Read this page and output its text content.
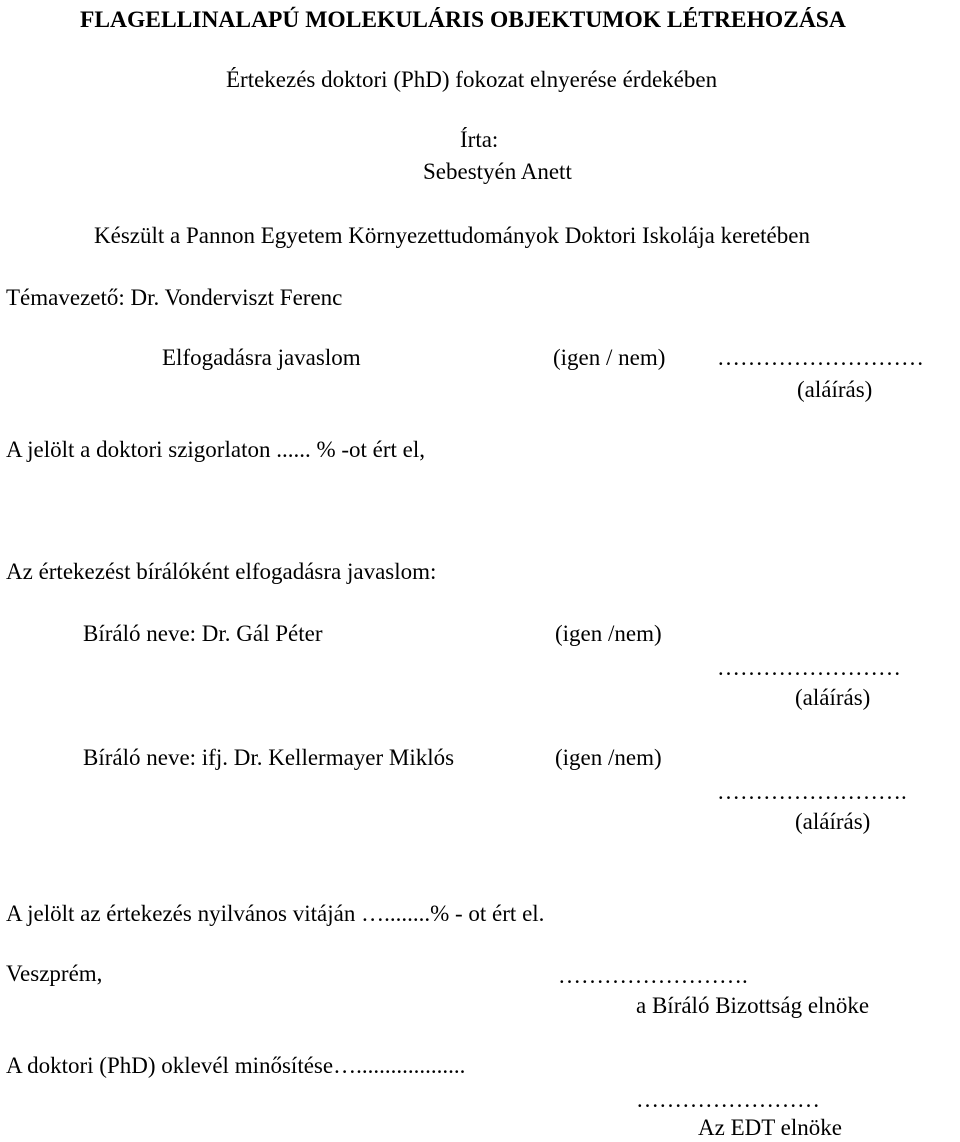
FLAGELLINALAPÚ MOLEKULÁRIS OBJEKTUMOK LÉTREHOZÁSA
Értekezés doktori (PhD) fokozat elnyerése érdekében
Írta:
Sebestyén Anett
Készült a Pannon Egyetem Környezettudományok Doktori Iskolája keretében
Témavezető: Dr. Vonderviszt Ferenc
Elfogadásra javaslom	(igen / nem) ………………………
(aláírás)
A jelölt a doktori szigorlaton ...... % -ot ért el,
Az értekezést bírálóként elfogadásra javaslom:
Bíráló neve: Dr. Gál Péter	(igen /nem)
……………………
(aláírás)
Bíráló neve: ifj. Dr. Kellermayer Miklós	(igen /nem)
…………………….
(aláírás)
A jelölt az értekezés nyilvános vitáján …........% - ot ért el.
Veszprém,	…………………….
a Bíráló Bizottság elnöke
A doktori (PhD) oklevél minősítése…...................
……………………
Az EDT elnöke
